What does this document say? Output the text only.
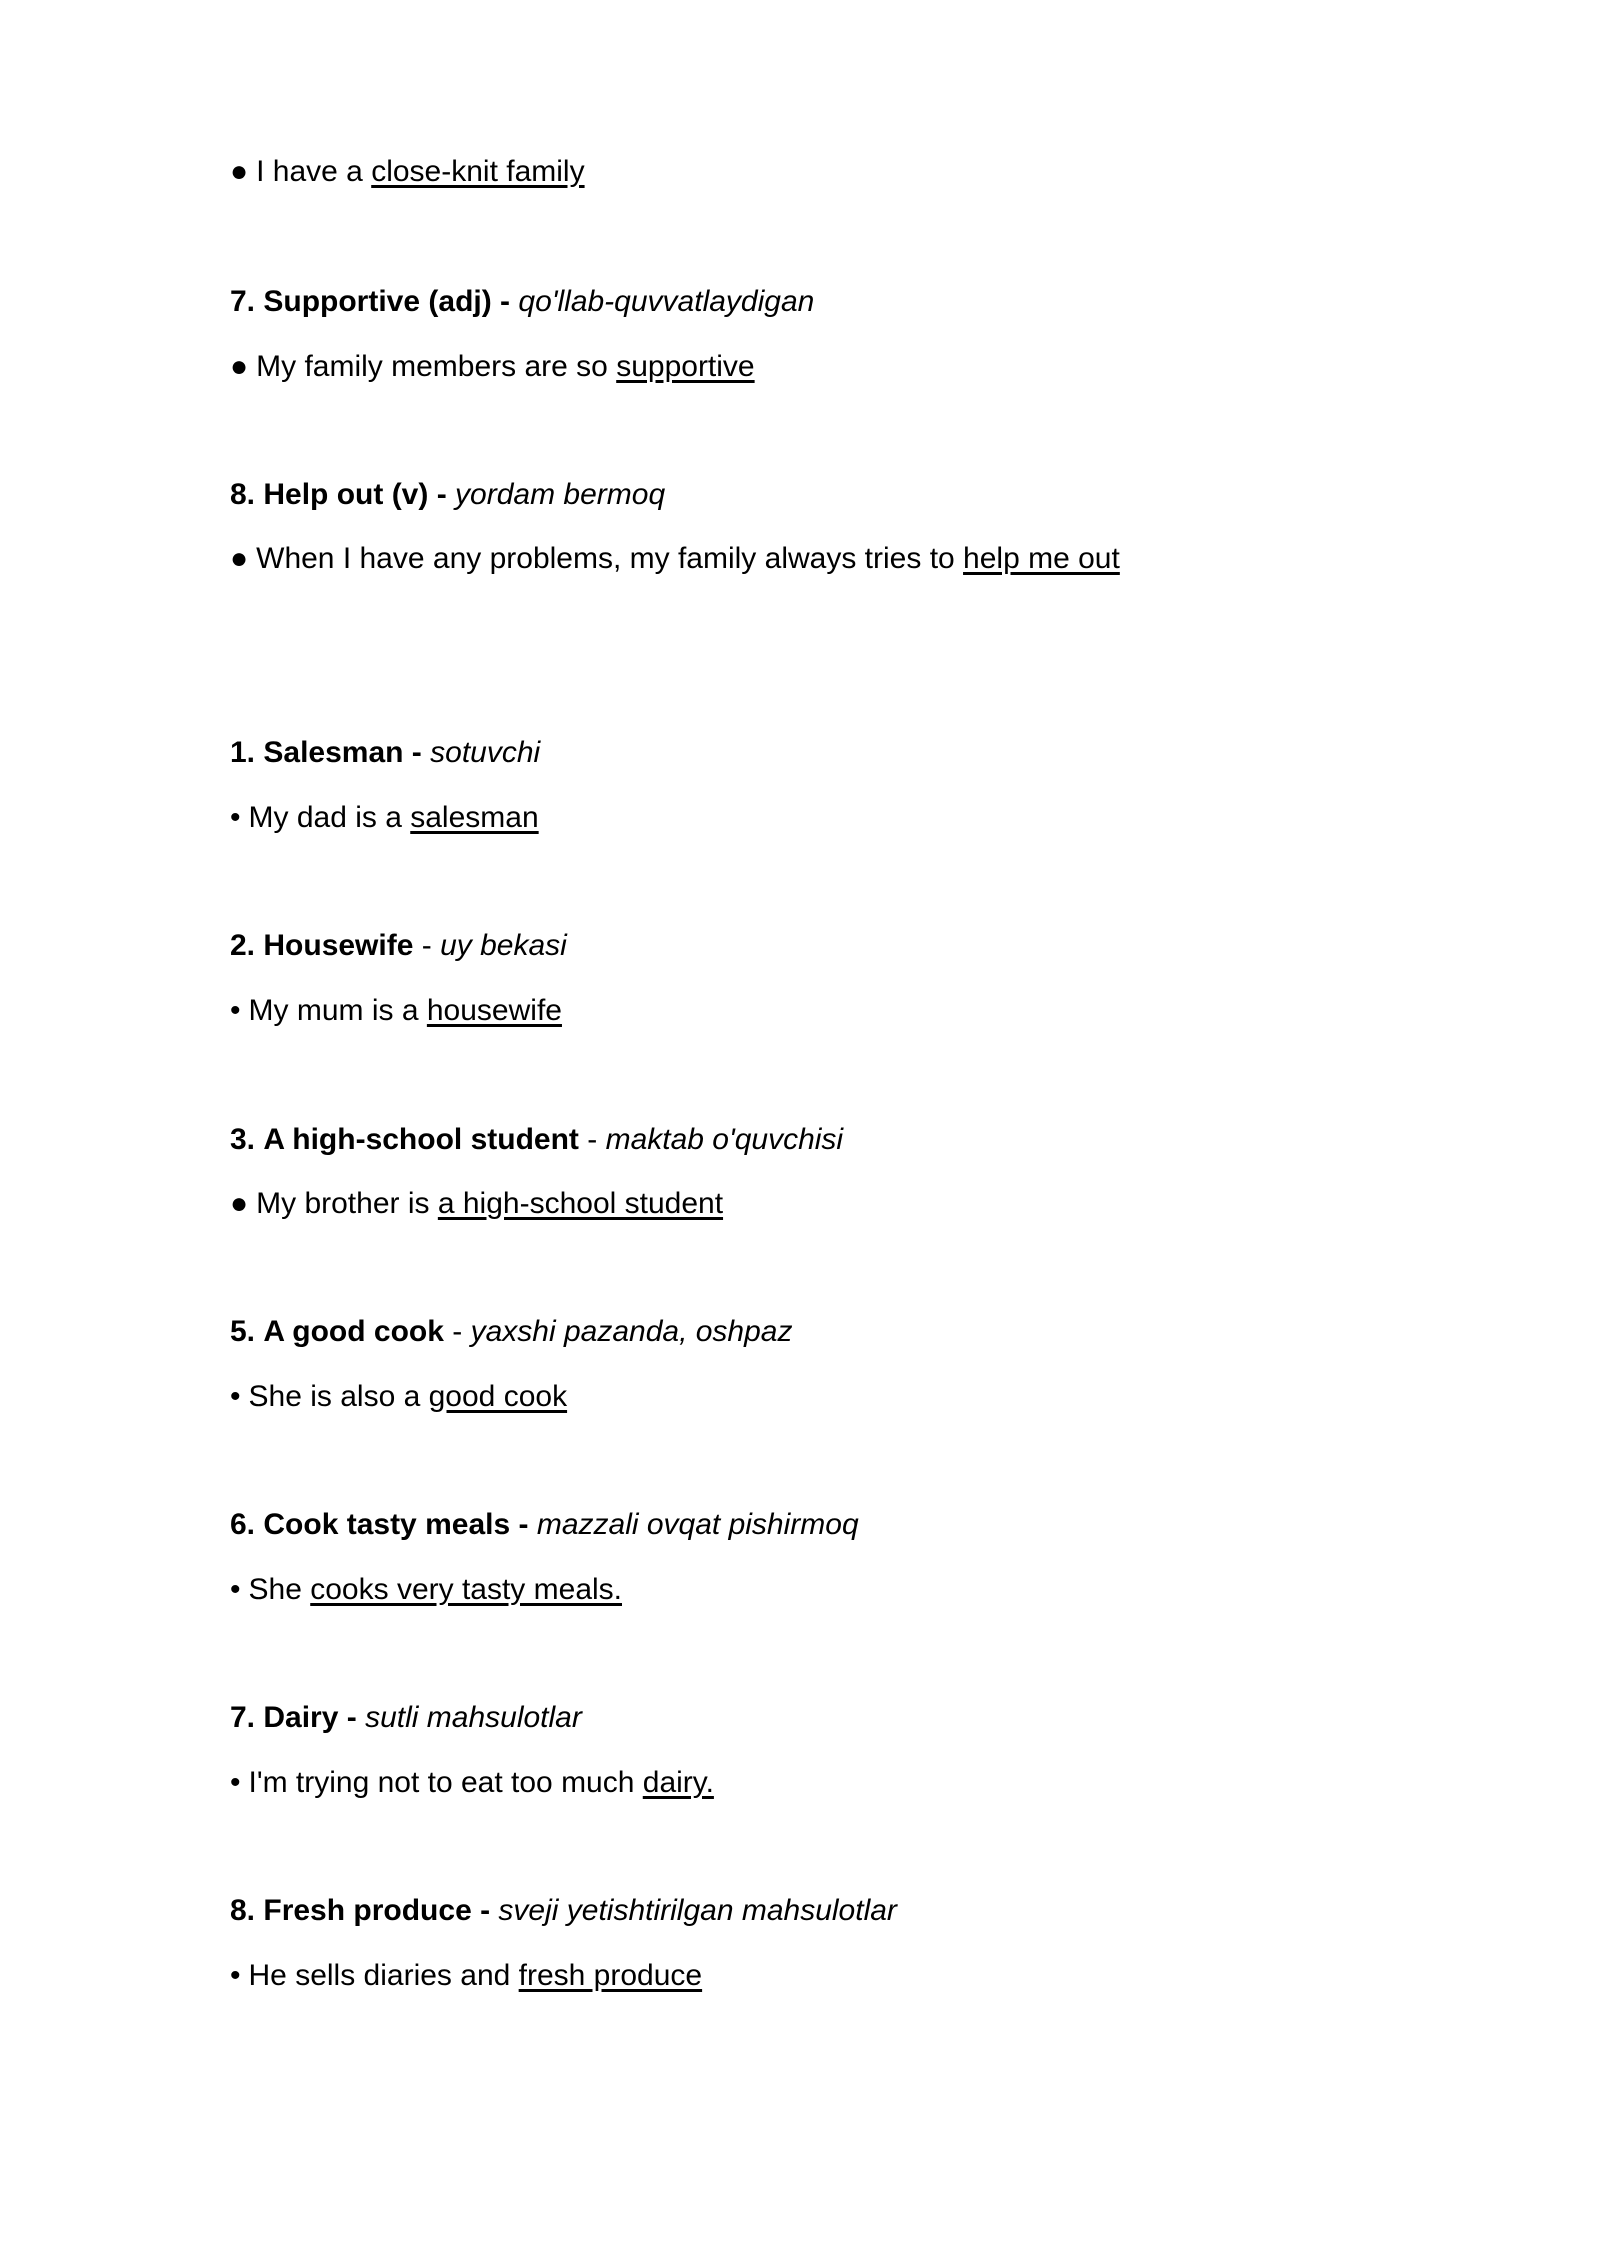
● I have a close-knit family
7. Supportive (adj) - qo'llab-quvvatlaydigan
● My family members are so supportive
8. Help out (v) - yordam bermoq
● When I have any problems, my family always tries to help me out
1. Salesman - sotuvchi
• My dad is a salesman
2. Housewife - uy bekasi
• My mum is a housewife
3. A high-school student - maktab o'quvchisi
● My brother is a high-school student
5. A good cook - yaxshi pazanda, oshpaz
• She is also a good cook
6. Cook tasty meals - mazzali ovqat pishirmoq
• She cooks very tasty meals.
7. Dairy - sutli mahsulotlar
• I'm trying not to eat too much dairy.
8. Fresh produce - sveji yetishtirilgan mahsulotlar
• He sells diaries and fresh produce
